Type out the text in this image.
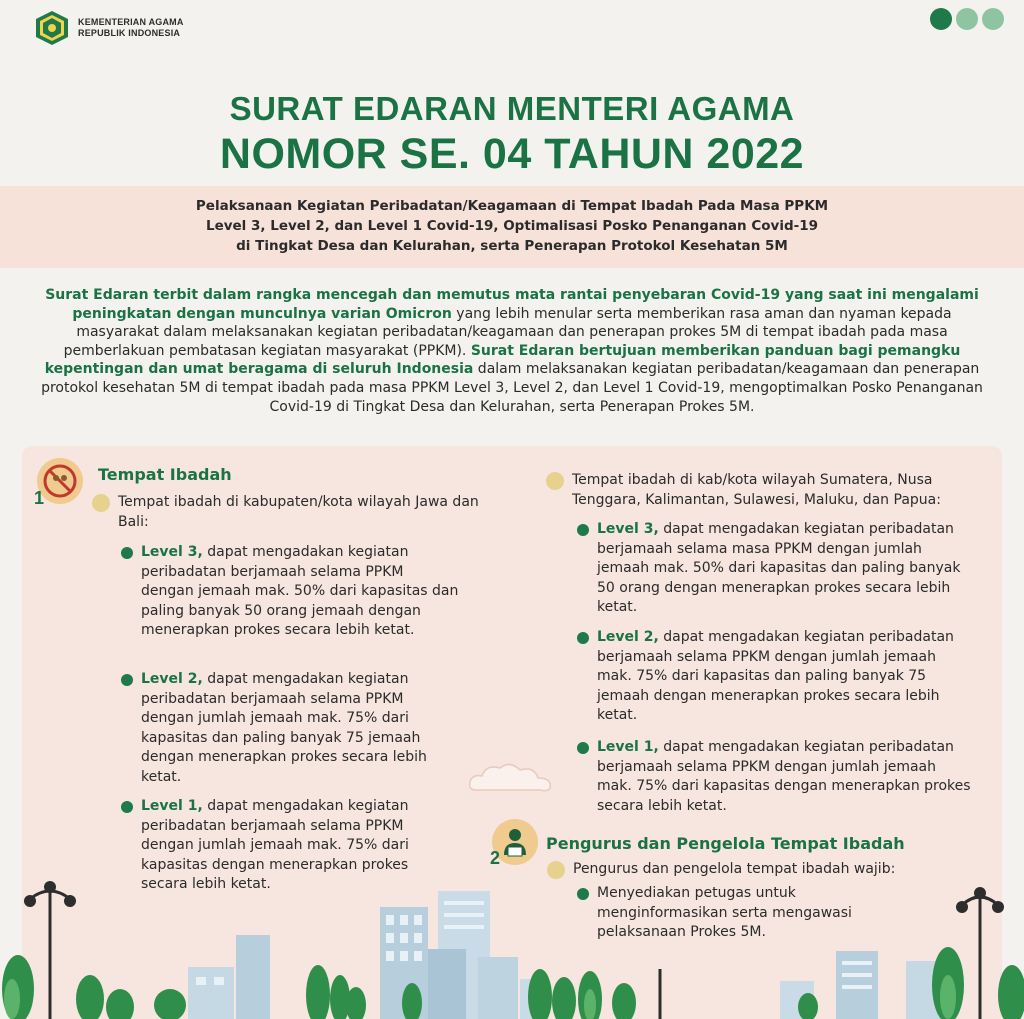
KEMENTERIAN AGAMA
REPUBLIK INDONESIA
SURAT EDARAN MENTERI AGAMA
NOMOR SE. 04 TAHUN 2022
Pelaksanaan Kegiatan Peribadatan/Keagamaan di Tempat Ibadah Pada Masa PPKM
Level 3, Level 2, dan Level 1 Covid-19, Optimalisasi Posko Penanganan Covid-19
di Tingkat Desa dan Kelurahan, serta Penerapan Protokol Kesehatan 5M

Surat Edaran terbit dalam rangka mencegah dan memutus mata rantai penyebaran Covid-19 yang saat ini mengalami peningkatan dengan munculnya varian Omicron yang lebih menular serta memberikan rasa aman dan nyaman kepada masyarakat dalam melaksanakan kegiatan peribadatan/keagamaan dan penerapan prokes 5M di tempat ibadah pada masa pemberlakuan pembatasan kegiatan masyarakat (PPKM). Surat Edaran bertujuan memberikan panduan bagi pemangku kepentingan dan umat beragama di seluruh Indonesia dalam melaksanakan kegiatan peribadatan/keagamaan dan penerapan protokol kesehatan 5M di tempat ibadah pada masa PPKM Level 3, Level 2, dan Level 1 Covid-19, mengoptimalkan Posko Penanganan Covid-19 di Tingkat Desa dan Kelurahan, serta Penerapan Prokes 5M.

1
Tempat Ibadah
Tempat ibadah di kabupaten/kota wilayah Jawa dan Bali:
Level 3, dapat mengadakan kegiatan peribadatan berjamaah selama PPKM dengan jemaah mak. 50% dari kapasitas dan paling banyak 50 orang jemaah dengan menerapkan prokes secara lebih ketat.
Level 2, dapat mengadakan kegiatan peribadatan berjamaah selama PPKM dengan jumlah jemaah mak. 75% dari kapasitas dan paling banyak 75 jemaah dengan menerapkan prokes secara lebih ketat.
Level 1, dapat mengadakan kegiatan peribadatan berjamaah selama PPKM dengan jumlah jemaah mak. 75% dari kapasitas dengan menerapkan prokes secara lebih ketat.
Tempat ibadah di kab/kota wilayah Sumatera, Nusa Tenggara, Kalimantan, Sulawesi, Maluku, dan Papua:
Level 3, dapat mengadakan kegiatan peribadatan berjamaah selama masa PPKM dengan jumlah jemaah mak. 50% dari kapasitas dan paling banyak 50 orang dengan menerapkan prokes secara lebih ketat.
Level 2, dapat mengadakan kegiatan peribadatan berjamaah selama PPKM dengan jumlah jemaah mak. 75% dari kapasitas dan paling banyak 75 jemaah dengan menerapkan prokes secara lebih ketat.
Level 1, dapat mengadakan kegiatan peribadatan berjamaah selama PPKM dengan jumlah jemaah mak. 75% dari kapasitas dengan menerapkan prokes secara lebih ketat.
2
Pengurus dan Pengelola Tempat Ibadah
Pengurus dan pengelola tempat ibadah wajib:
Menyediakan petugas untuk menginformasikan serta mengawasi pelaksanaan Prokes 5M.
